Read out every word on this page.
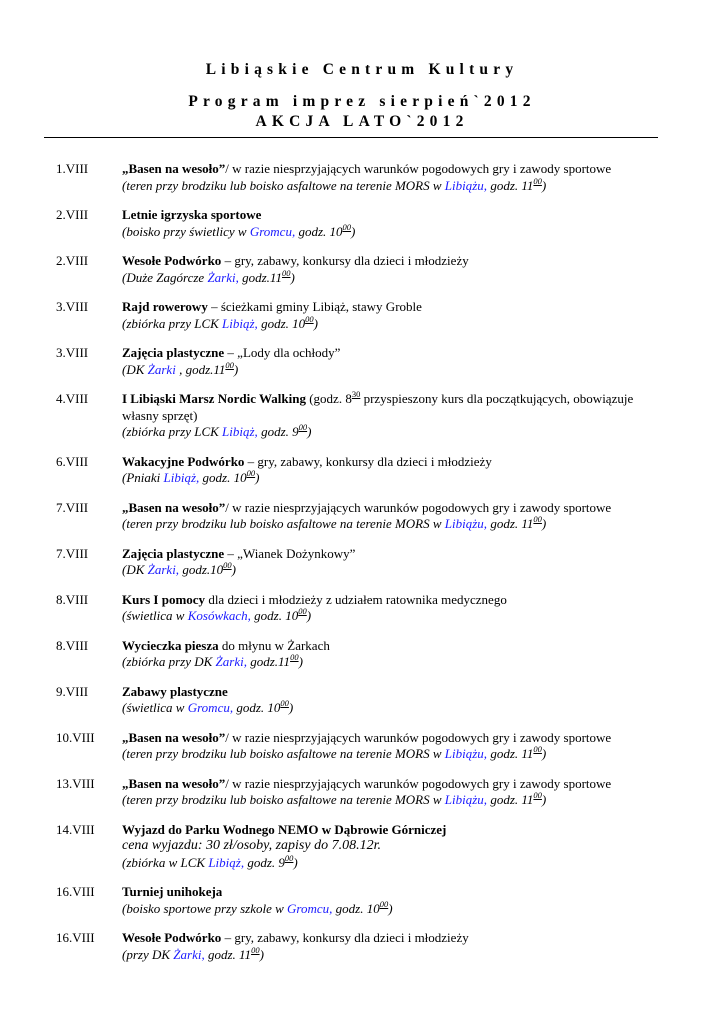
Libiąskie Centrum Kultury
Program imprez sierpień`2012
AKCJA LATO`2012
1.VIII	„Basen na wesoło”/ w razie niesprzyjających warunków pogodowych gry i zawody sportowe
(teren przy brodziku lub boisko asfaltowe na terenie MORS w Libiążu, godz. $11^{00}$)
2.VIII	Letnie igrzyska sportowe
(boisko przy świetlicy w Gromcu, godz. $10^{00}$)
2.VIII	Wesołe Podwórko – gry, zabawy, konkursy dla dzieci i młodzieży
(Duże Zagórcze Żarki, $godz.11^{00}$)
3.VIII	Rajd rowerowy – ścieżkami gminy Libiąż, stawy Groble
(zbiórka przy LCK Libiąż, godz. $10^{00}$)
3.VIII	Zajęcia plastyczne – „Lody dla ochłody”
(DK Żarki , $godz.11^{00}$)
4.VIII	I Libiąski Marsz Nordic Walking (godz. $8^{30}$ przyspieszony kurs dla początkujących, obowiązuje własny sprzęt)
(zbiórka przy LCK Libiąż, godz. $9^{00}$)
6.VIII	Wakacyjne Podwórko – gry, zabawy, konkursy dla dzieci i młodzieży
(Pniaki Libiąż, godz. $10^{00}$)
7.VIII	„Basen na wesoło”/ w razie niesprzyjających warunków pogodowych gry i zawody sportowe
(teren przy brodziku lub boisko asfaltowe na terenie MORS w Libiążu, godz. $11^{00}$)
7.VIII	Zajęcia plastyczne – „Wianek Dożynkowy”
(DK Żarki, $godz.10^{00}$)
8.VIII	Kurs I pomocy dla dzieci i młodzieży z udziałem ratownika medycznego
(świetlica w Kosówkach, godz. $10^{00}$)
8.VIII	Wycieczka piesza do młynu w Żarkach
(zbiórka przy DK Żarki, $godz.11^{00}$)
9.VIII	Zabawy plastyczne
(świetlica w Gromcu, godz. $10^{00}$)
10.VIII	„Basen na wesoło”/ w razie niesprzyjających warunków pogodowych gry i zawody sportowe
(teren przy brodziku lub boisko asfaltowe na terenie MORS w Libiążu, godz. $11^{00}$)
13.VIII	„Basen na wesoło”/ w razie niesprzyjających warunków pogodowych gry i zawody sportowe
(teren przy brodziku lub boisko asfaltowe na terenie MORS w Libiążu, godz. $11^{00}$)
14.VIII	Wyjazd do Parku Wodnego NEMO w Dąbrowie Górniczej
cena wyjazdu: 30 zł/osoby, zapisy do 7.08.12r.
(zbiórka w LCK Libiąż, godz. $9^{00}$)
16.VIII	Turniej unihokeja
(boisko sportowe przy szkole w Gromcu, godz. $10^{00}$)
16.VIII	Wesołe Podwórko – gry, zabawy, konkursy dla dzieci i młodzieży
(przy DK Żarki, godz. $11^{00}$)
